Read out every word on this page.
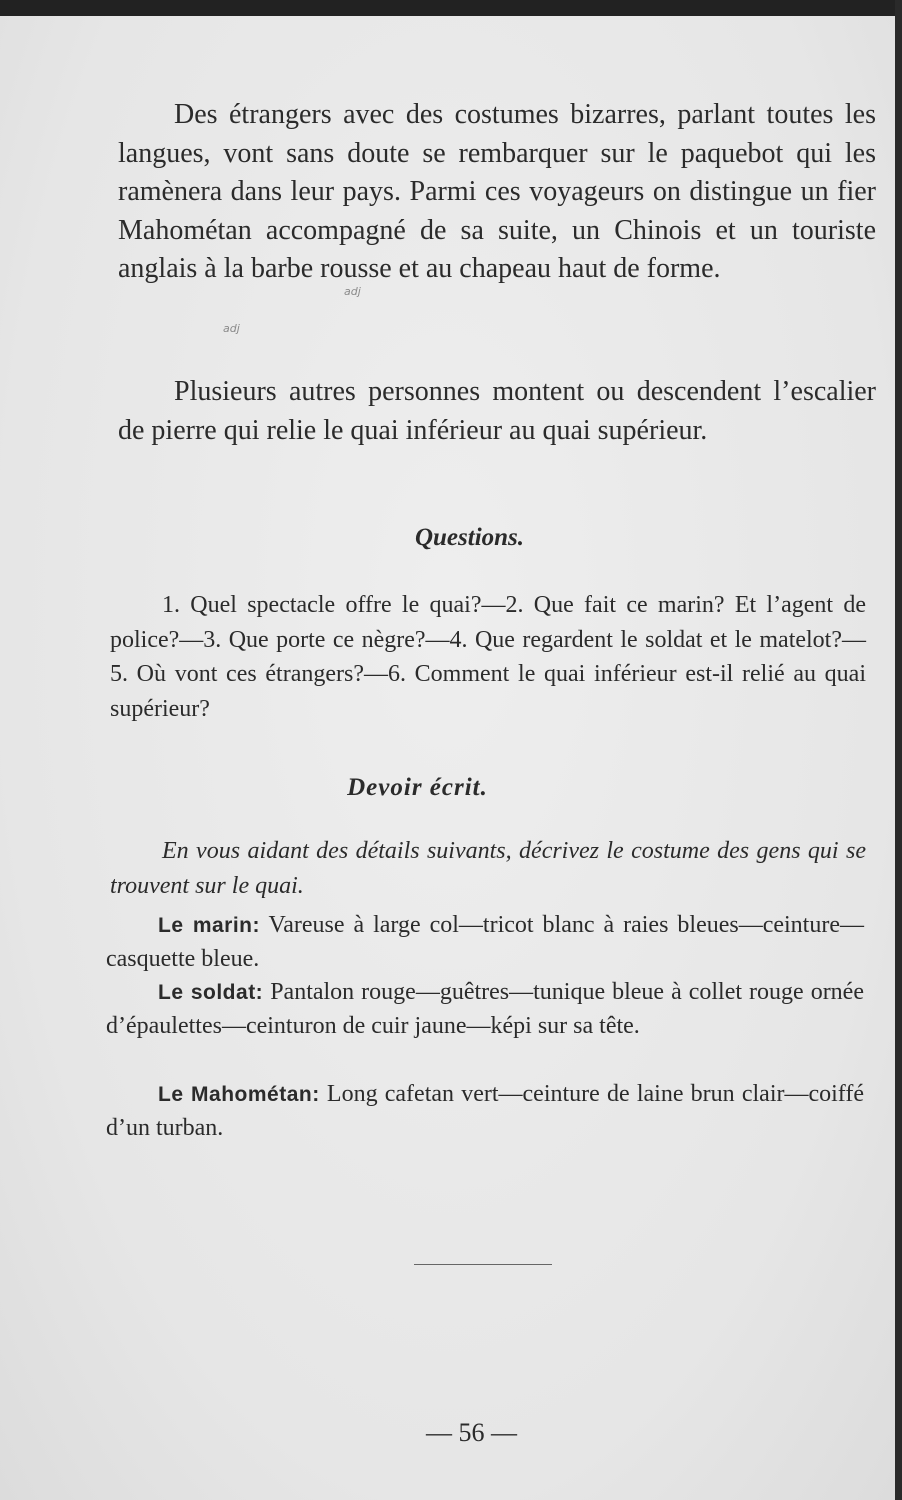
Des étrangers avec des costumes bizarres, parlant toutes les langues, vont sans doute se rembarquer sur le paquebot qui les ramènera dans leur pays. Parmi ces voyageurs on distingue un fier Mahométan accompagné de sa suite, un Chinois et un touriste anglais à la barbe rousse et au chapeau haut de forme.

Plusieurs autres personnes montent ou descendent l’escalier de pierre qui relie le quai inférieur au quai supérieur.

adj
adj
Questions.

1. Quel spectacle offre le quai?—2. Que fait ce marin? Et l’agent de police?—3. Que porte ce nègre?—4. Que regardent le soldat et le matelot?— 5. Où vont ces étrangers?—6. Comment le quai inférieur est-il relié au quai supérieur?

Devoir écrit.

En vous aidant des détails suivants, décrivez le costume des gens qui se trouvent sur le quai.

Le marin: Vareuse à large col—tricot blanc à raies bleues—ceinture—casquette bleue.

Le soldat: Pantalon rouge—guêtres—tunique bleue à collet rouge ornée d’épaulettes—ceinturon de cuir jaune—képi sur sa tête.

Le Mahométan: Long cafetan vert—ceinture de laine brun clair—coiffé d’un turban.

— 56 —
